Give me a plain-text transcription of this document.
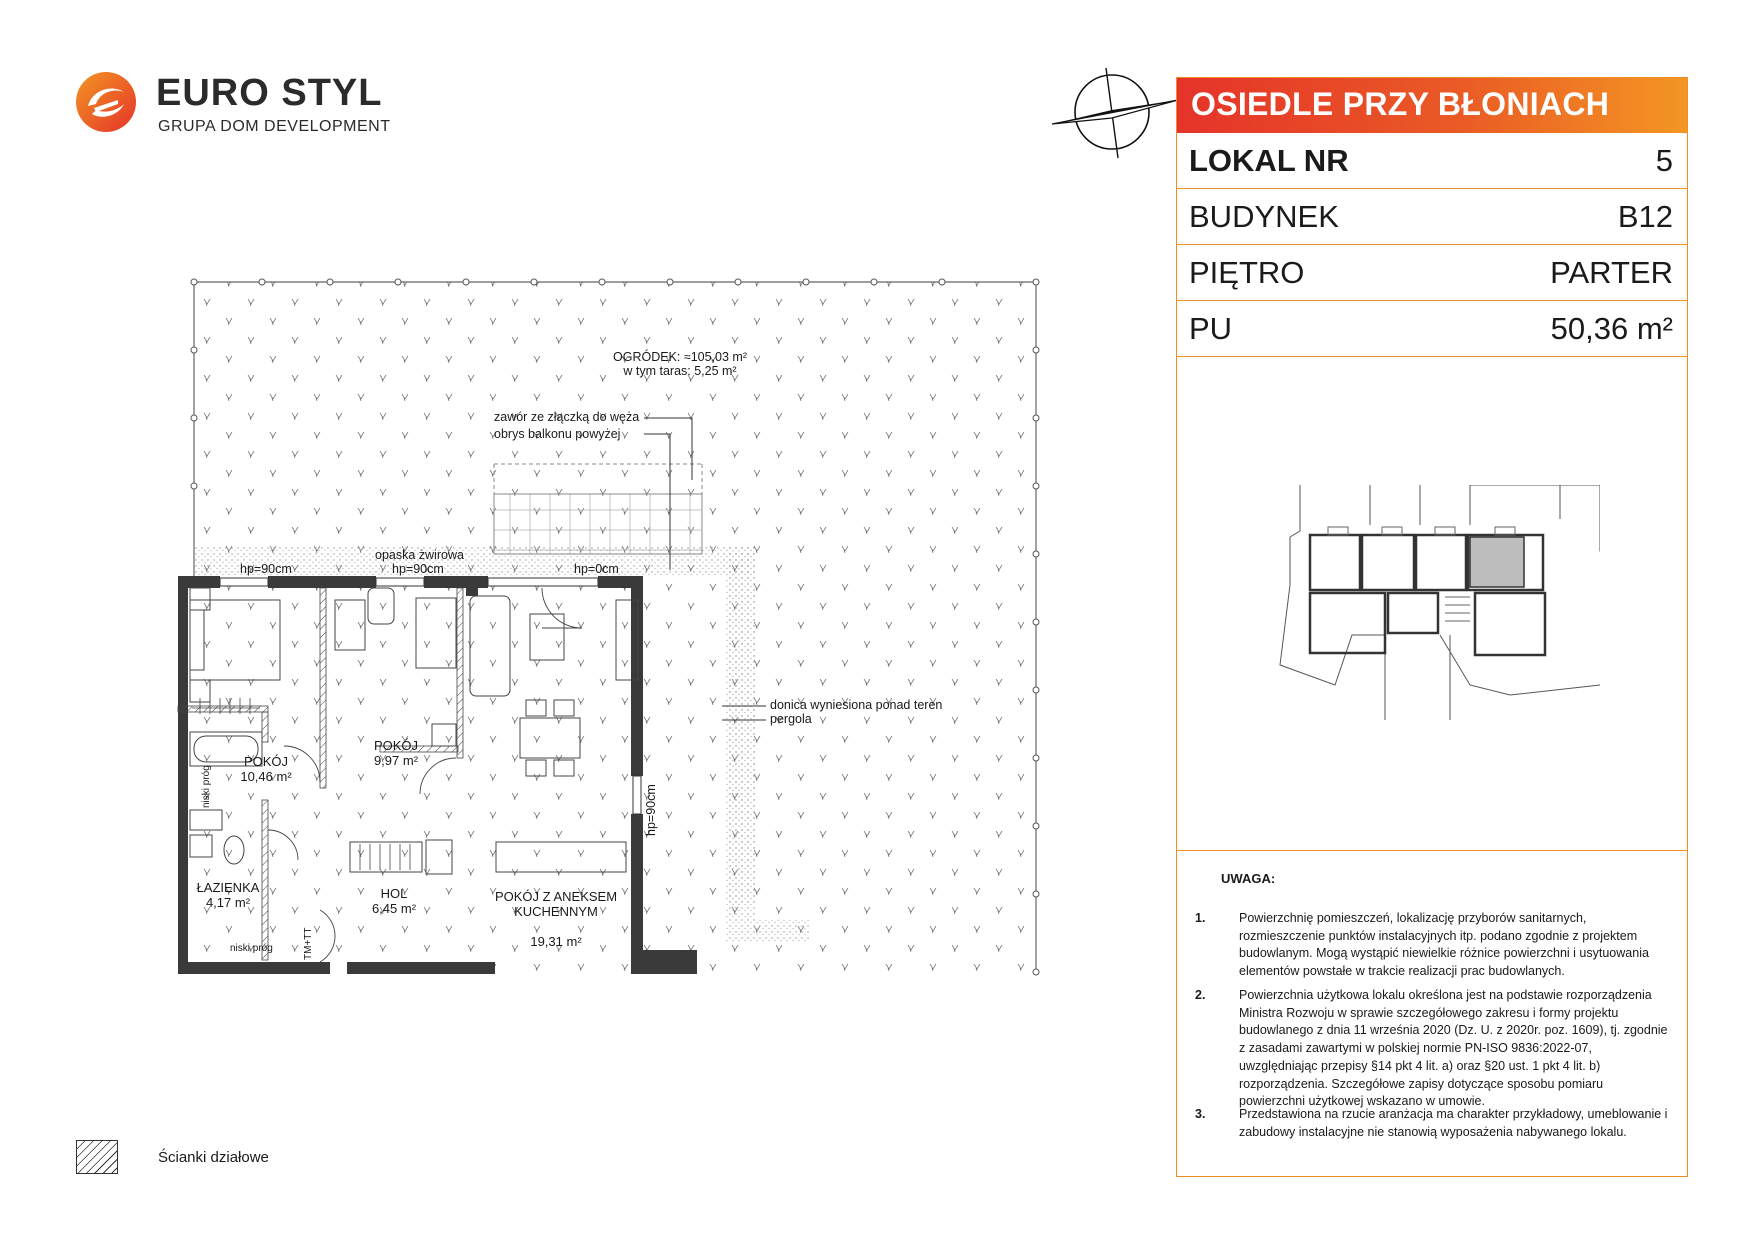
EURO STYL
GRUPA DOM DEVELOPMENT
OSIEDLE PRZY BŁONIACH
LOKAL NR	5
BUDYNEK	B12
PIĘTRO	PARTER
PU	50,36 m²
UWAGA:
1.	Powierzchnię pomieszczeń, lokalizację przyborów sanitarnych, rozmieszczenie punktów instalacyjnych itp. podano zgodnie z projektem budowlanym. Mogą wystąpić niewielkie różnice powierzchni i usytuowania elementów powstałe w trakcie realizacji prac budowlanych.
2.	Powierzchnia użytkowa lokalu określona jest na podstawie rozporządzenia Ministra Rozwoju w sprawie szczegółowego zakresu i formy projektu budowlanego z dnia 11 września 2020 (Dz. U. z 2020r. poz. 1609), tj. zgodnie z zasadami zawartymi w polskiej normie PN-ISO 9836:2022-07, uwzględniając przepisy §14 pkt 4 lit. a) oraz §20 ust. 1 pkt 4 lit. b) rozporządzenia. Szczegółowe zapisy dotyczące sposobu pomiaru powierzchni użytkowej wskazano w umowie.
3.	Przedstawiona na rzucie aranżacja ma charakter przykładowy, umeblowanie i zabudowy instalacyjne nie stanowią wyposażenia nabywanego lokalu.
OGRÓDEK: ≈105,03 m²
w tym taras: 5,25 m²
zawór ze złączką do węża
obrys balkonu powyżej
opaska żwirowa
hp=90cm	hp=90cm	hp=0cm
hp=90cm
donica wyniesiona ponad teren
pergola
niski próg
niski próg	TM+TT
POKÓJ
10,46 m²
POKÓJ
9,97 m²
ŁAZIENKA
4,17 m²
HOL
6,45 m²

POKÓJ Z ANEKSEM
KUCHENNYM

19,31 m²

Ścianki działowe
